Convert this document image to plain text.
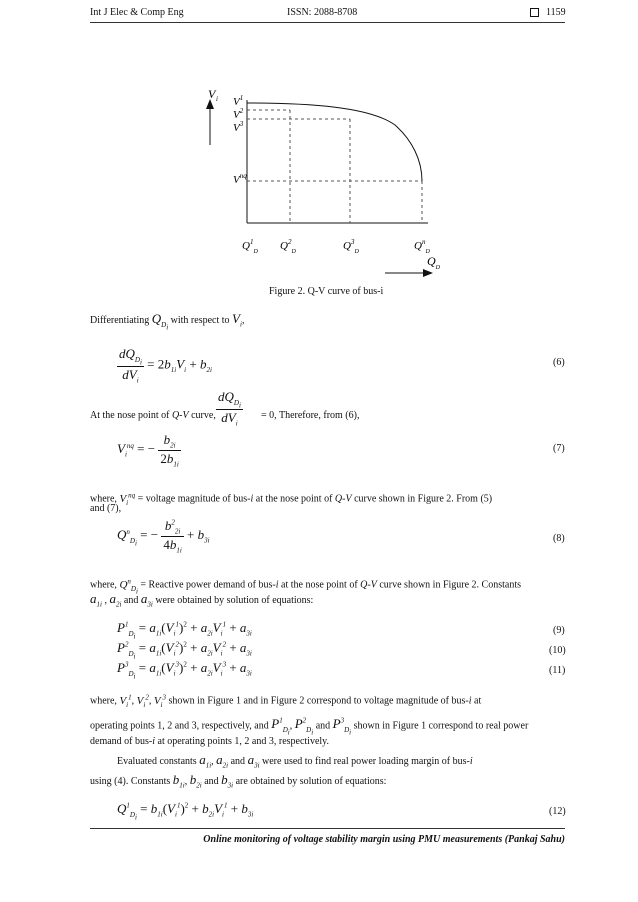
Int J Elec & Comp Eng	ISSN: 2088-8708	1159
V i $V^1$
$V^2$
$V^3$
$V^{nq}$
$Q^1_D$ $Q^2_D$	$Q^3_D$	$Q^n_D$
$Q_D$
Figure 2. Q-V curve of bus-i
Differentiating $Q_{D_i}$ with respect to $V_i$,
$\frac{dQ_{D_i}}{dV_i} = 2b_{1i}V_i + b_{2i}$
(6)
At the nose point of Q-V curve, $\frac{dQ_{D_i}}{dV_i} = 0$, Therefore, from (6),
$V_i^{nq}$ = − $\frac{b_{2i}}{2b_{1i}}$	(7)
where, $V_i^{nq}$ = voltage magnitude of bus-i at the nose point of Q-V curve shown in Figure 2. From (5)
and (7),
$Q^n_{D_i}$ = − $\frac{b^2_{2i}}{4b_{1i}} + b_{3i}$	(8)
where, $Q^n_{D_i}$ = Reactive power demand of bus-i at the nose point of Q-V curve shown in Figure 2. Constants
$a_{1i}$ , $a_{2i}$ and $a_{3i}$ were obtained by solution of equations:
$P^1_{D_i} = a_{1i}(V_i^1)^2 + a_{2i}V_i^1 + a_{3i}$	(9)
$P^2_{D_i} = a_{1i}(V_i^2)^2 + a_{2i}V_i^2 + a_{3i}$	(10)
$P^3_{D_i} = a_{1i}(V_i^3)^2 + a_{2i}V_i^3 + a_{3i}$	(11)
where, $V_i^1$, $V_i^2$, $V_i^3$ shown in Figure 1 and in Figure 2 correspond to voltage magnitude of bus-i at
operating points 1, 2 and 3, respectively, and $P^1_{D_i}$, $P^2_{D_i}$ and $P^3_{D_i}$ shown in Figure 1 correspond to real power
demand of bus-i at operating points 1, 2 and 3, respectively.
Evaluated constants $a_{1i}$, $a_{2i}$ and $a_{3i}$ were used to find real power loading margin of bus-i
using (4). Constants $b_{1i}$, $b_{2i}$ and $b_{3i}$ are obtained by solution of equations:
$Q^1_{D_i} = b_{1i}(V_i^1)^2 + b_{2i}V_i^1 + b_{3i}$	(12)
Online monitoring of voltage stability margin using PMU measurements (Pankaj Sahu)
